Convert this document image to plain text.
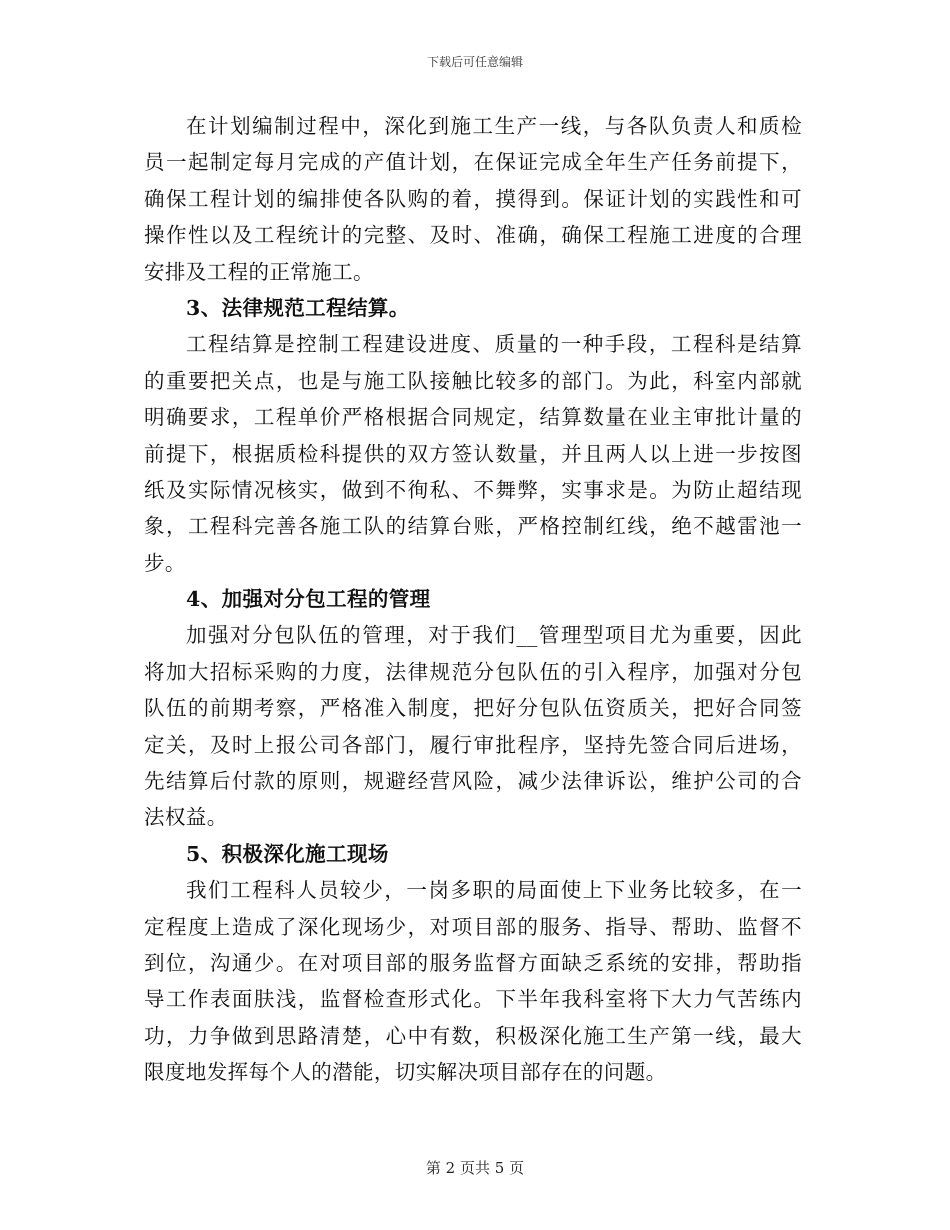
下载后可任意编辑
在计划编制过程中，深化到施工生产一线，与各队负责人和质检
员一起制定每月完成的产值计划，在保证完成全年生产任务前提下，
确保工程计划的编排使各队购的着，摸得到。保证计划的实践性和可
操作性以及工程统计的完整、及时、准确，确保工程施工进度的合理
安排及工程的正常施工。
3、法律规范工程结算。
工程结算是控制工程建设进度、质量的一种手段，工程科是结算
的重要把关点，也是与施工队接触比较多的部门。为此，科室内部就
明确要求，工程单价严格根据合同规定，结算数量在业主审批计量的
前提下，根据质检科提供的双方签认数量，并且两人以上进一步按图
纸及实际情况核实，做到不徇私、不舞弊，实事求是。为防止超结现
象，工程科完善各施工队的结算台账，严格控制红线，绝不越雷池一
步。
4、加强对分包工程的管理
加强对分包队伍的管理，对于我们__管理型项目尤为重要，因此
将加大招标采购的力度，法律规范分包队伍的引入程序，加强对分包
队伍的前期考察，严格准入制度，把好分包队伍资质关，把好合同签
定关，及时上报公司各部门，履行审批程序，坚持先签合同后进场，
先结算后付款的原则，规避经营风险，减少法律诉讼，维护公司的合
法权益。
5、积极深化施工现场
我们工程科人员较少，一岗多职的局面使上下业务比较多，在一
定程度上造成了深化现场少，对项目部的服务、指导、帮助、监督不
到位，沟通少。在对项目部的服务监督方面缺乏系统的安排，帮助指
导工作表面肤浅，监督检查形式化。下半年我科室将下大力气苦练内
功，力争做到思路清楚，心中有数，积极深化施工生产第一线，最大
限度地发挥每个人的潜能，切实解决项目部存在的问题。
第 2 页共 5 页
